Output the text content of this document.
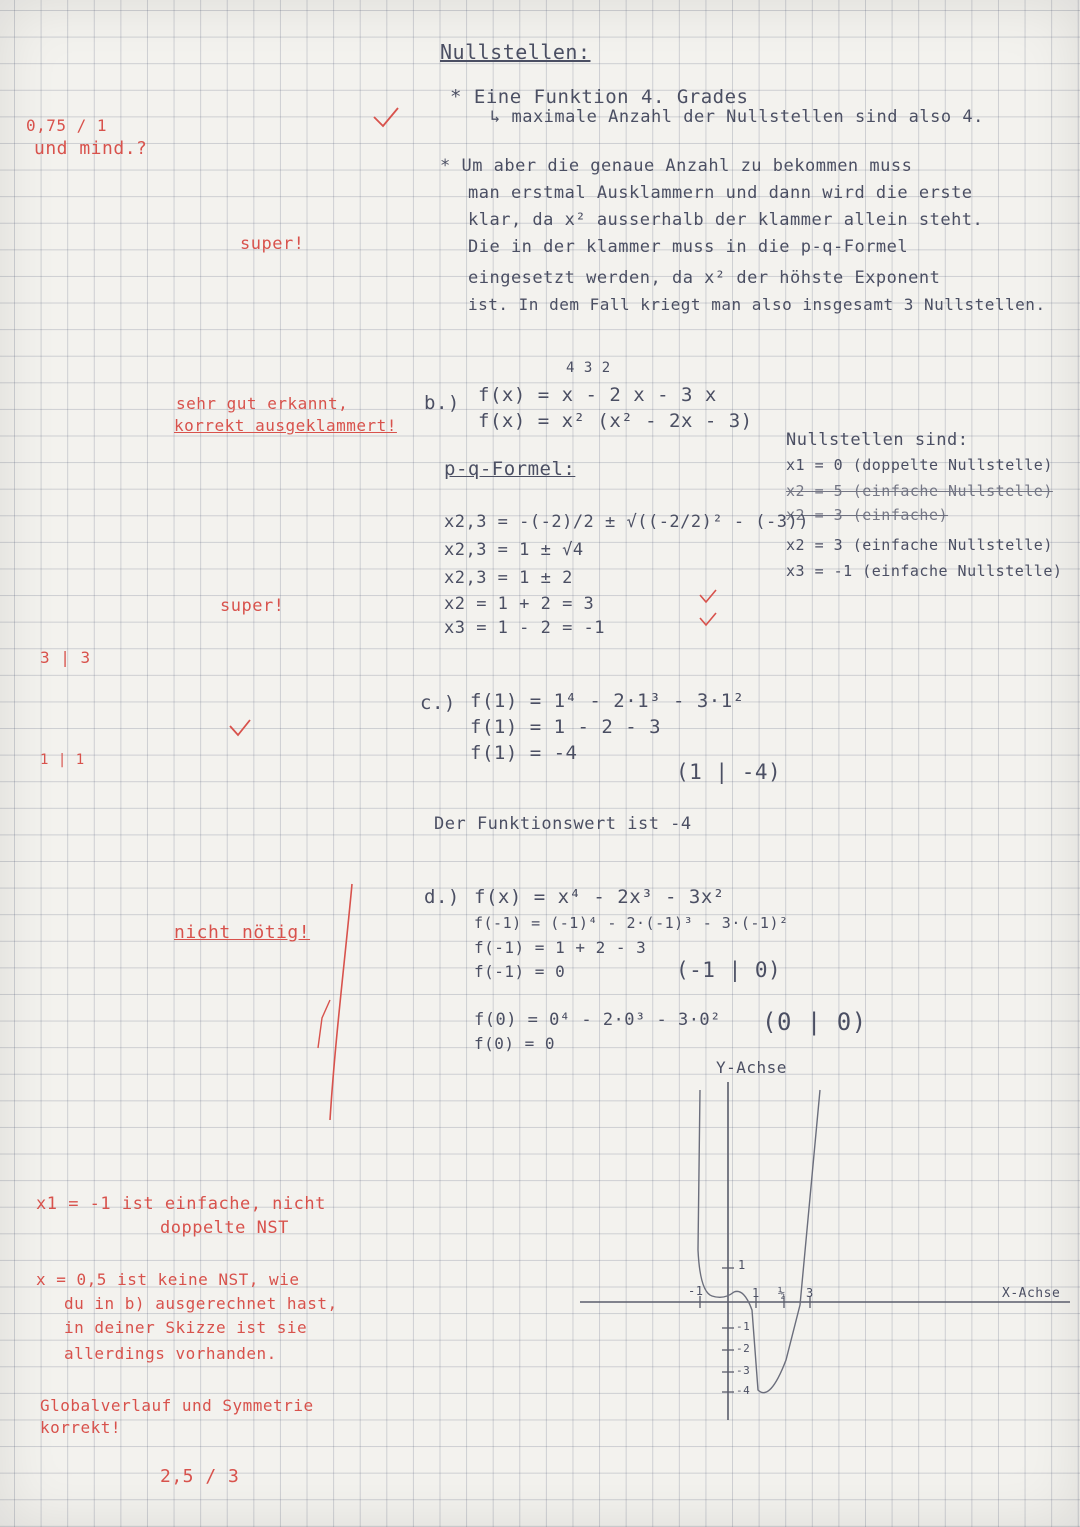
Nullstellen:
* Eine Funktion 4. Grades
↳ maximale Anzahl der Nullstellen sind also 4.
* Um aber die genaue Anzahl zu bekommen muss
man erstmal Ausklammern und dann wird die erste
klar, da x² ausserhalb der klammer allein steht.
Die in der klammer muss in die p-q-Formel
eingesetzt werden, da x² der höhste Exponent
ist. In dem Fall kriegt man also insgesamt 3 Nullstellen.
b.)
4 3 2
f(x) = x - 2 x - 3 x
f(x) = x² (x² - 2x - 3)
p-q-Formel:
x2,3 = -(-2)/2 ± √((-2/2)² - (-3))
x2,3 = 1 ± √4
x2,3 = 1 ± 2
x2 = 1 + 2 = 3
x3 = 1 - 2 = -1
Nullstellen sind:
x1 = 0 (doppelte Nullstelle)
x2 = 5 (einfache Nullstelle)
x2 = 3 (einfache)
x2 = 3 (einfache Nullstelle)
x3 = -1 (einfache Nullstelle)
c.) f(1) = 1⁴ - 2·1³ - 3·1²
f(1) = 1 - 2 - 3
f(1) = -4
(1 | -4)
Der Funktionswert ist -4
d.) f(x) = x⁴ - 2x³ - 3x²
f(-1) = (-1)⁴ - 2·(-1)³ - 3·(-1)²
f(-1) = 1 + 2 - 3
f(-1) = 0	(-1 | 0)
f(0) = 0⁴ - 2·0³ - 3·0² (0 | 0)
f(0) = 0
Y-Achse
X-Achse
-1	1 ½ 3
1
-1
-2
-3
-4
0,75 / 1
und mind.?
super!
sehr gut erkannt,
korrekt ausgeklammert!
super!
3 | 3
1 | 1
nicht nötig!
x1 = -1 ist einfache, nicht
doppelte NST
x = 0,5 ist keine NST, wie
du in b) ausgerechnet hast,
in deiner Skizze ist sie
allerdings vorhanden.
Globalverlauf und Symmetrie
korrekt!
2,5 / 3
